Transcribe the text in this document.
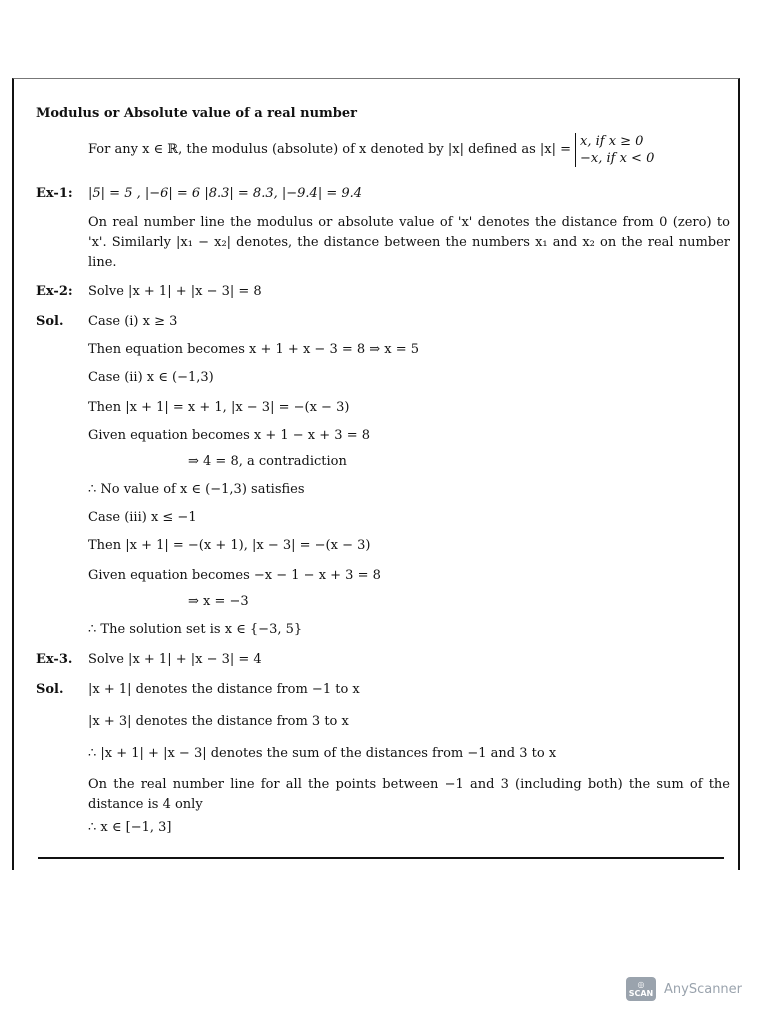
Modulus or Absolute value of a real number
For any x ∈ ℝ, the modulus (absolute) of x denoted by |x| defined as |x| =
x, if x ≥ 0
−x, if x < 0
Ex-1: |5| = 5 , |−6| = 6 |8.3| = 8.3, |−9.4| = 9.4
On real number line the modulus or absolute value of 'x' denotes the distance from 0 (zero) to 'x'. Similarly |x₁ − x₂| denotes, the distance between the numbers x₁ and x₂ on the real number line.
Ex-2: Solve |x + 1| + |x − 3| = 8
Sol. Case (i) x ≥ 3
Then equation becomes x + 1 + x − 3 = 8 ⇒ x = 5
Case (ii) x ∈ (−1,3)
Then |x + 1| = x + 1, |x − 3| = −(x − 3)
Given equation becomes x + 1 − x + 3 = 8
⇒ 4 = 8, a contradiction
∴ No value of x ∈ (−1,3) satisfies
Case (iii) x ≤ −1
Then |x + 1| = −(x + 1), |x − 3| = −(x − 3)
Given equation becomes −x − 1 − x + 3 = 8
⇒ x = −3
∴ The solution set is x ∈ {−3, 5}
Ex-3. Solve |x + 1| + |x − 3| = 4
Sol. |x + 1| denotes the distance from −1 to x
|x + 3| denotes the distance from 3 to x
∴ |x + 1| + |x − 3| denotes the sum of the distances from −1 and 3 to x
On the real number line for all the points between −1 and 3 (including both) the sum of the distance is 4 only
∴ x ∈ [−1, 3]
◎
SCAN AnyScanner
